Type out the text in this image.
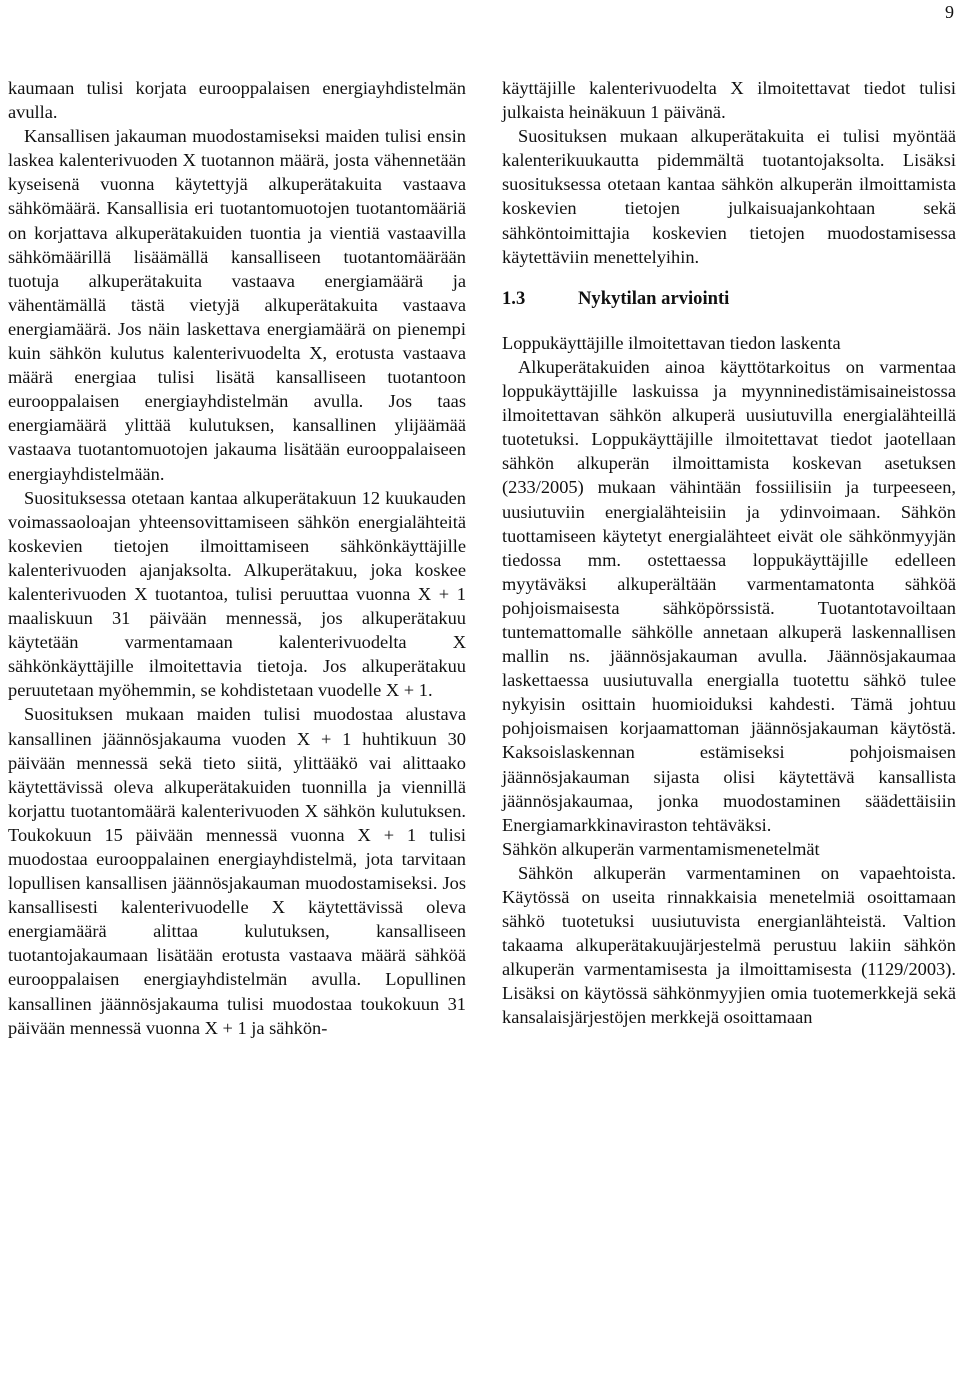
9

kaumaan tulisi korjata eurooppalaisen energiayhdistelmän avulla.

Kansallisen jakauman muodostamiseksi maiden tulisi ensin laskea kalenterivuoden X tuotannon määrä, josta vähennetään kyseisenä vuonna käytettyjä alkuperätakuita vastaava sähkömäärä. Kansallisia eri tuotantomuotojen tuotantomääriä on korjattava alkuperätakuiden tuontia ja vientiä vastaavilla sähkömäärillä lisäämällä kansalliseen tuotantomäärään tuotuja alkuperätakuita vastaava energiamäärä ja vähentämällä tästä vietyjä alkuperätakuita vastaava energiamäärä. Jos näin laskettava energiamäärä on pienempi kuin sähkön kulutus kalenterivuodelta X, erotusta vastaava määrä energiaa tulisi lisätä kansalliseen tuotantoon eurooppalaisen energiayhdistelmän avulla. Jos taas energiamäärä ylittää kulutuksen, kansallinen ylijäämää vastaava tuotantomuotojen jakauma lisätään eurooppalaiseen energiayhdistelmään.

Suosituksessa otetaan kantaa alkuperätakuun 12 kuukauden voimassaoloajan yhteensovittamiseen sähkön energialähteitä koskevien tietojen ilmoittamiseen sähkönkäyttäjille kalenterivuoden ajanjaksolta. Alkuperätakuu, joka koskee kalenterivuoden X tuotantoa, tulisi peruuttaa vuonna X + 1 maaliskuun 31 päivään mennessä, jos alkuperätakuu käytetään varmentamaan kalenterivuodelta X sähkönkäyttäjille ilmoitettavia tietoja. Jos alkuperätakuu peruutetaan myöhemmin, se kohdistetaan vuodelle X + 1.

Suosituksen mukaan maiden tulisi muodostaa alustava kansallinen jäännösjakauma vuoden X + 1 huhtikuun 30 päivään mennessä sekä tieto siitä, ylittääkö vai alittaako käytettävissä oleva alkuperätakuiden tuonnilla ja viennillä korjattu tuotantomäärä kalenterivuoden X sähkön kulutuksen. Toukokuun 15 päivään mennessä vuonna X + 1 tulisi muodostaa eurooppalainen energiayhdistelmä, jota tarvitaan lopullisen kansallisen jäännösjakauman muodostamiseksi. Jos kansallisesti kalenterivuodelle X käytettävissä oleva energiamäärä alittaa kulutuksen, kansalliseen tuotantojakaumaan lisätään erotusta vastaava määrä sähköä eurooppalaisen energiayhdistelmän avulla. Lopullinen kansallinen jäännösjakauma tulisi muodostaa toukokuun 31 päivään mennessä vuonna X + 1 ja sähkön-

käyttäjille kalenterivuodelta X ilmoitettavat tiedot tulisi julkaista heinäkuun 1 päivänä.

Suosituksen mukaan alkuperätakuita ei tulisi myöntää kalenterikuukautta pidemmältä tuotantojaksolta. Lisäksi suosituksessa otetaan kantaa sähkön alkuperän ilmoittamista koskevien tietojen julkaisuajankohtaan sekä sähköntoimittajia koskevien tietojen muodostamisessa käytettäviin menettelyihin.

1.3	Nykytilan arviointi

Loppukäyttäjille ilmoitettavan tiedon laskenta

Alkuperätakuiden ainoa käyttötarkoitus on varmentaa loppukäyttäjille laskuissa ja myynninedistämisaineistossa ilmoitettavan sähkön alkuperä uusiutuvilla energialähteillä tuotetuksi. Loppukäyttäjille ilmoitettavat tiedot jaotellaan sähkön alkuperän ilmoittamista koskevan asetuksen (233/2005) mukaan vähintään fossiilisiin ja turpeeseen, uusiutuviin energialähteisiin ja ydinvoimaan. Sähkön tuottamiseen käytetyt energialähteet eivät ole sähkönmyyjän tiedossa mm. ostettaessa loppukäyttäjille edelleen myytäväksi alkuperältään varmentamatonta sähköä pohjoismaisesta sähköpörssistä. Tuotantotavoiltaan tuntemattomalle sähkölle annetaan alkuperä laskennallisen mallin ns. jäännösjakauman avulla. Jäännösjakaumaa laskettaessa uusiutuvalla energialla tuotettu sähkö tulee nykyisin osittain huomioiduksi kahdesti. Tämä johtuu pohjoismaisen korjaamattoman jäännösjakauman käytöstä. Kaksoislaskennan estämiseksi pohjoismaisen jäännösjakauman sijasta olisi käytettävä kansallista jäännösjakaumaa, jonka muodostaminen säädettäisiin Energiamarkkinaviraston tehtäväksi.

Sähkön alkuperän varmentamismenetelmät

Sähkön alkuperän varmentaminen on vapaehtoista. Käytössä on useita rinnakkaisia menetelmiä osoittamaan sähkö tuotetuksi uusiutuvista energianlähteistä. Valtion takaama alkuperätakuujärjestelmä perustuu lakiin sähkön alkuperän varmentamisesta ja ilmoittamisesta (1129/2003). Lisäksi on käytössä sähkönmyyjien omia tuotemerkkejä sekä kansalaisjärjestöjen merkkejä osoittamaan
